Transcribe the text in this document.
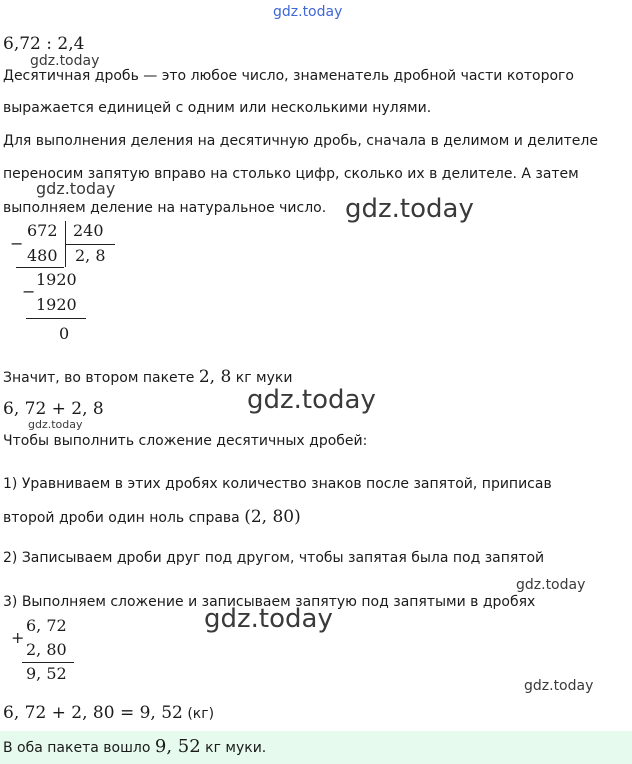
gdz.today
6,72 : 2,4
gdz.today
Десятичная дробь — это любое число, знаменатель дробной части которого
выражается единицей с одним или несколькими нулями.
Для выполнения деления на десятичную дробь, сначала в делимом и делителе
переносим запятую вправо на столько цифр, сколько их в делителе. А затем
gdz.today
выполняем деление на натуральное число. gdz.today
−
672 240
480 2, 8
−
1920
1920
0
Значит, во втором пакете 2, 8 кг муки
gdz.today
6, 72 + 2, 8
gdz.today
Чтобы выполнить сложение десятичных дробей:
1) Уравниваем в этих дробях количество знаков после запятой, приписав
второй дроби один ноль справа (2, 80)
2) Записываем дроби друг под другом, чтобы запятая была под запятой
gdz.today
3) Выполняем сложение и записываем запятую под запятыми в дробях
gdz.today
+
6, 72
2, 80
9, 52
gdz.today
6, 72 + 2, 80 = 9, 52 (кг)
В оба пакета вошло 9, 52 кг муки.
